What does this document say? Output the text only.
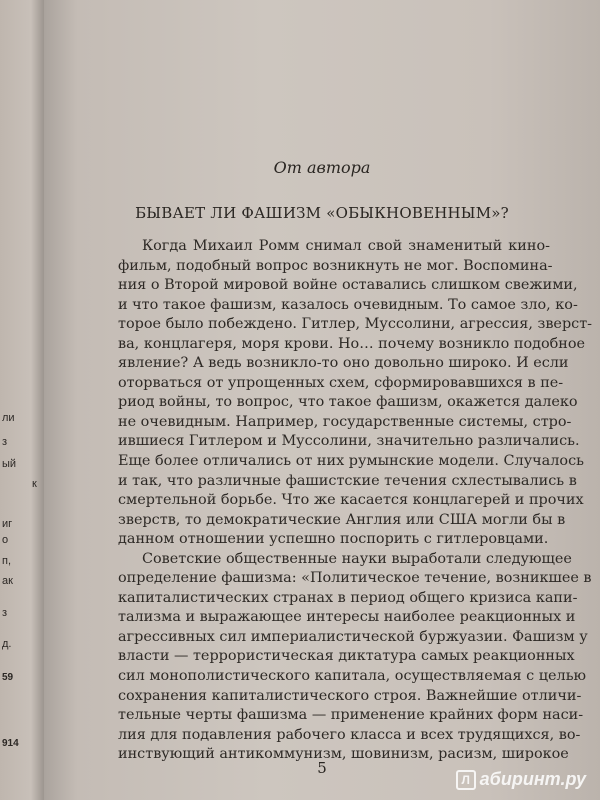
ли
з
ый
к
иг
о
п,
ак
з
д.
59
914
От автора
БЫВАЕТ ЛИ ФАШИЗМ «ОБЫКНОВЕННЫМ»?
Когда Михаил Ромм снимал свой знаменитый кино-
фильм, подобный вопрос возникнуть не мог. Воспомина-
ния о Второй мировой войне оставались слишком свежими,
и что такое фашизм, казалось очевидным. То самое зло, ко-
торое было побеждено. Гитлер, Муссолини, агрессия, зверст-
ва, концлагеря, моря крови. Но… почему возникло подобное
явление? А ведь возникло-то оно довольно широко. И если
оторваться от упрощенных схем, сформировавшихся в пе-
риод войны, то вопрос, что такое фашизм, окажется далеко
не очевидным. Например, государственные системы, стро-
ившиеся Гитлером и Муссолини, значительно различались.
Еще более отличались от них румынские модели. Случалось
и так, что различные фашистские течения схлестывались в
смертельной борьбе. Что же касается концлагерей и прочих
зверств, то демократические Англия или США могли бы в
данном отношении успешно поспорить с гитлеровцами.
Советские общественные науки выработали следующее
определение фашизма: «Политическое течение, возникшее в
капиталистических странах в период общего кризиса капи-
тализма и выражающее интересы наиболее реакционных и
агрессивных сил империалистической буржуазии. Фашизм у
власти — террористическая диктатура самых реакционных
сил монополистического капитала, осуществляемая с целью
сохранения капиталистического строя. Важнейшие отличи-
тельные черты фашизма — применение крайних форм наси-
лия для подавления рабочего класса и всех трудящихся, во-
инствующий антикоммунизм, шовинизм, расизм, широкое
5
Л абиринт.ру
